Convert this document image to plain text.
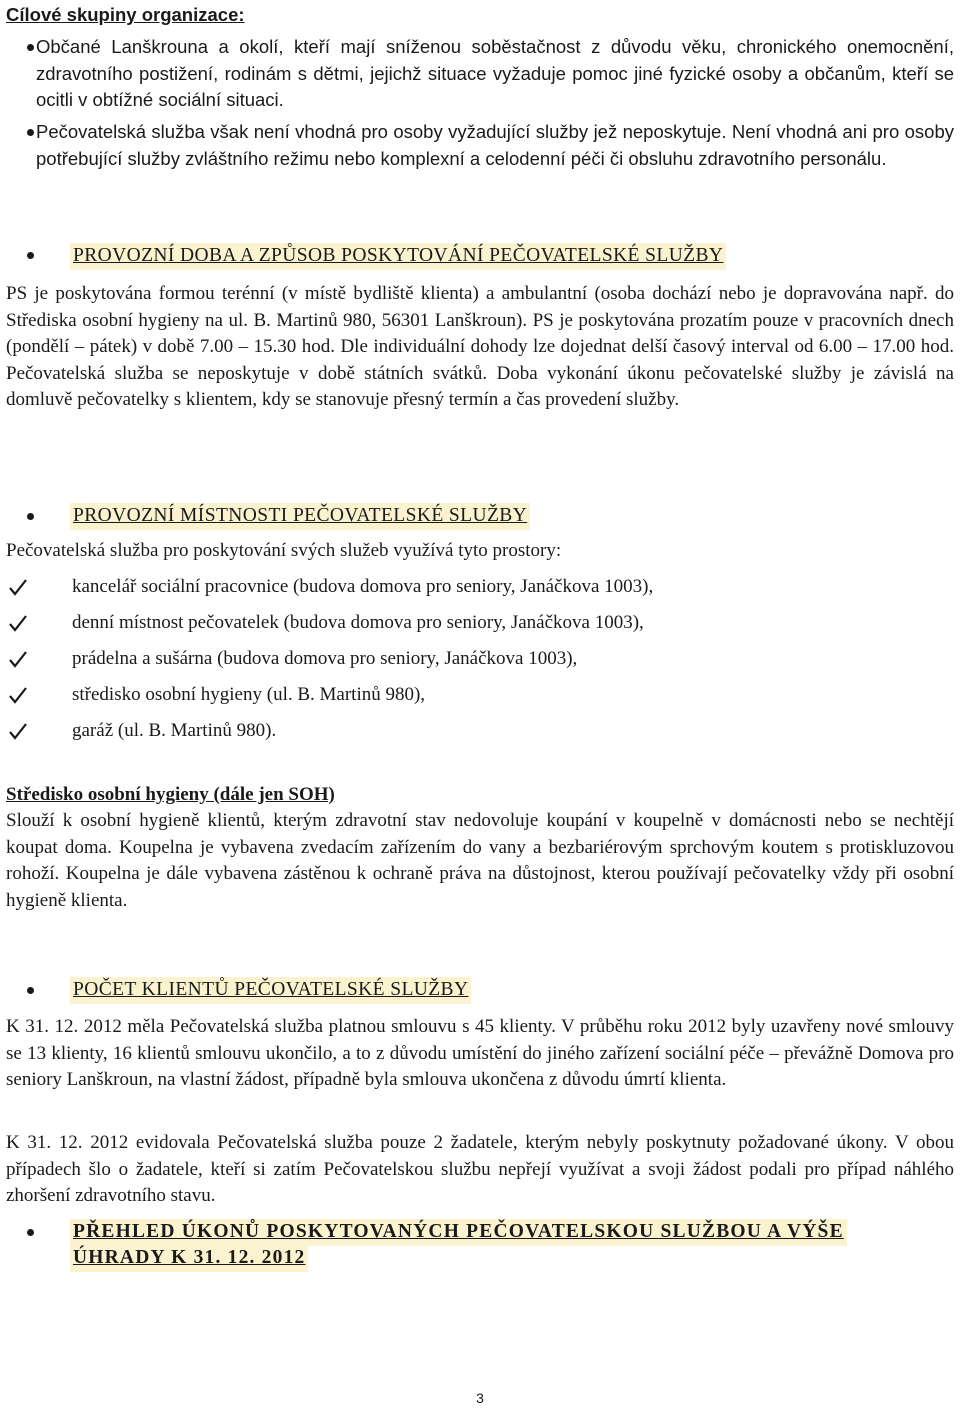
Cílové skupiny organizace:
Občané Lanškrouna a okolí, kteří mají sníženou soběstačnost z důvodu věku, chronického onemocnění, zdravotního postižení, rodinám s dětmi, jejichž situace vyžaduje pomoc jiné fyzické osoby a občanům, kteří se ocitli v obtížné sociální situaci.
Pečovatelská služba však není vhodná pro osoby vyžadující služby jež neposkytuje. Není vhodná ani pro osoby potřebující služby zvláštního režimu nebo komplexní a celodenní péči či obsluhu zdravotního personálu.
PROVOZNÍ DOBA A ZPŮSOB POSKYTOVÁNÍ PEČOVATELSKÉ SLUŽBY
PS je poskytována formou terénní (v místě bydliště klienta) a ambulantní (osoba dochází nebo je dopravována např. do Střediska osobní hygieny na ul. B. Martinů 980, 56301 Lanškroun). PS je poskytována prozatím pouze v pracovních dnech (pondělí – pátek) v době 7.00 – 15.30 hod. Dle individuální dohody lze dojednat delší časový interval od 6.00 – 17.00 hod. Pečovatelská služba se neposkytuje v době státních svátků. Doba vykonání úkonu pečovatelské služby je závislá na domluvě pečovatelky s klientem, kdy se stanovuje přesný termín a čas provedení služby.
PROVOZNÍ MÍSTNOSTI PEČOVATELSKÉ SLUŽBY
Pečovatelská služba pro poskytování svých služeb využívá tyto prostory:
kancelář sociální pracovnice (budova domova pro seniory, Janáčkova 1003),
denní místnost pečovatelek (budova domova pro seniory, Janáčkova 1003),
prádelna a sušárna (budova domova pro seniory, Janáčkova 1003),
středisko osobní hygieny (ul. B. Martinů 980),
garáž (ul. B. Martinů 980).
Středisko osobní hygieny (dále jen SOH)
Slouží k osobní hygieně klientů, kterým zdravotní stav nedovoluje koupání v koupelně v domácnosti nebo se nechtějí koupat doma. Koupelna je vybavena zvedacím zařízením do vany a bezbariérovým sprchovým koutem s protiskluzovou rohoží. Koupelna je dále vybavena zástěnou k ochraně práva na důstojnost, kterou používají pečovatelky vždy při osobní hygieně klienta.
POČET KLIENTŮ PEČOVATELSKÉ SLUŽBY
K 31. 12. 2012 měla Pečovatelská služba platnou smlouvu s 45 klienty. V průběhu roku 2012 byly uzavřeny nové smlouvy se 13 klienty, 16 klientů smlouvu ukončilo, a to z důvodu umístění do jiného zařízení sociální péče – převážně Domova pro seniory Lanškroun, na vlastní žádost, případně byla smlouva ukončena z důvodu úmrtí klienta.
K 31. 12. 2012 evidovala Pečovatelská služba pouze 2 žadatele, kterým nebyly poskytnuty požadované úkony. V obou případech šlo o žadatele, kteří si zatím Pečovatelskou službu nepřejí využívat a svoji žádost podali pro případ náhlého zhoršení zdravotního stavu.
PŘEHLED ÚKONŮ POSKYTOVANÝCH PEČOVATELSKOU SLUŽBOU A VÝŠE
ÚHRADY K 31. 12. 2012
3
